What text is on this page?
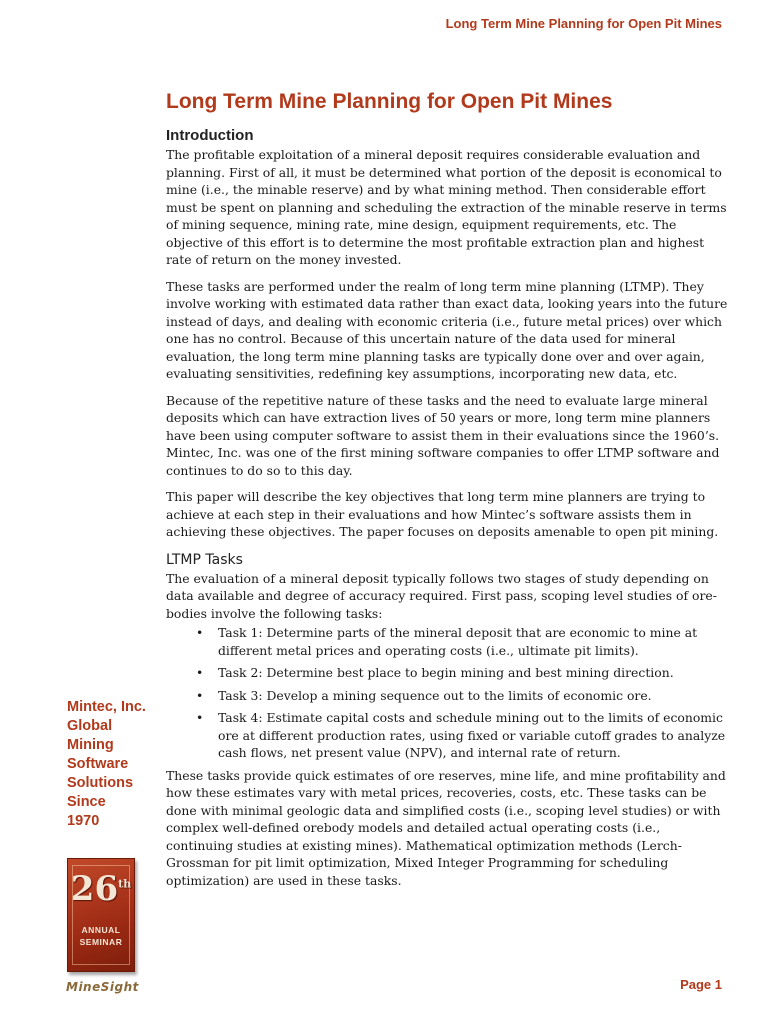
Long Term Mine Planning for Open Pit Mines
Long Term Mine Planning for Open Pit Mines
Introduction

The profitable exploitation of a mineral deposit requires considerable evaluation and planning. First of all, it must be determined what portion of the deposit is economical to mine (i.e., the minable reserve) and by what mining method. Then considerable effort must be spent on planning and scheduling the extraction of the minable reserve in terms of mining sequence, mining rate, mine design, equipment requirements, etc. The objective of this effort is to determine the most profitable extraction plan and highest rate of return on the money invested.

These tasks are performed under the realm of long term mine planning (LTMP). They involve working with estimated data rather than exact data, looking years into the future instead of days, and dealing with economic criteria (i.e., future metal prices) over which one has no control. Because of this uncertain nature of the data used for mineral evaluation, the long term mine planning tasks are typically done over and over again, evaluating sensitivities, redefining key assumptions, incorporating new data, etc.

Because of the repetitive nature of these tasks and the need to evaluate large mineral deposits which can have extraction lives of 50 years or more, long term mine planners have been using computer software to assist them in their evaluations since the 1960’s. Mintec, Inc. was one of the first mining software companies to offer LTMP software and continues to do so to this day.

This paper will describe the key objectives that long term mine planners are trying to achieve at each step in their evaluations and how Mintec’s software assists them in achieving these objectives. The paper focuses on deposits amenable to open pit mining.

LTMP Tasks

The evaluation of a mineral deposit typically follows two stages of study depending on data available and degree of accuracy required. First pass, scoping level studies of ore-bodies involve the following tasks:

• Task 1: Determine parts of the mineral deposit that are economic to mine at different metal prices and operating costs (i.e., ultimate pit limits).
• Task 2: Determine best place to begin mining and best mining direction.
• Task 3: Develop a mining sequence out to the limits of economic ore.
• Task 4: Estimate capital costs and schedule mining out to the limits of economic ore at different production rates, using fixed or variable cutoff grades to analyze cash flows, net present value (NPV), and internal rate of return.

These tasks provide quick estimates of ore reserves, mine life, and mine profitability and how these estimates vary with metal prices, recoveries, costs, etc. These tasks can be done with minimal geologic data and simplified costs (i.e., scoping level studies) or with complex well-defined orebody models and detailed actual operating costs (i.e., continuing studies at existing mines). Mathematical optimization methods (Lerch-Grossman for pit limit optimization, Mixed Integer Programming for scheduling optimization) are used in these tasks.

Mintec, Inc.
Global
Mining
Software
Solutions
Since
1970
26th
ANNUAL
SEMINAR
MineSight	Page 1
